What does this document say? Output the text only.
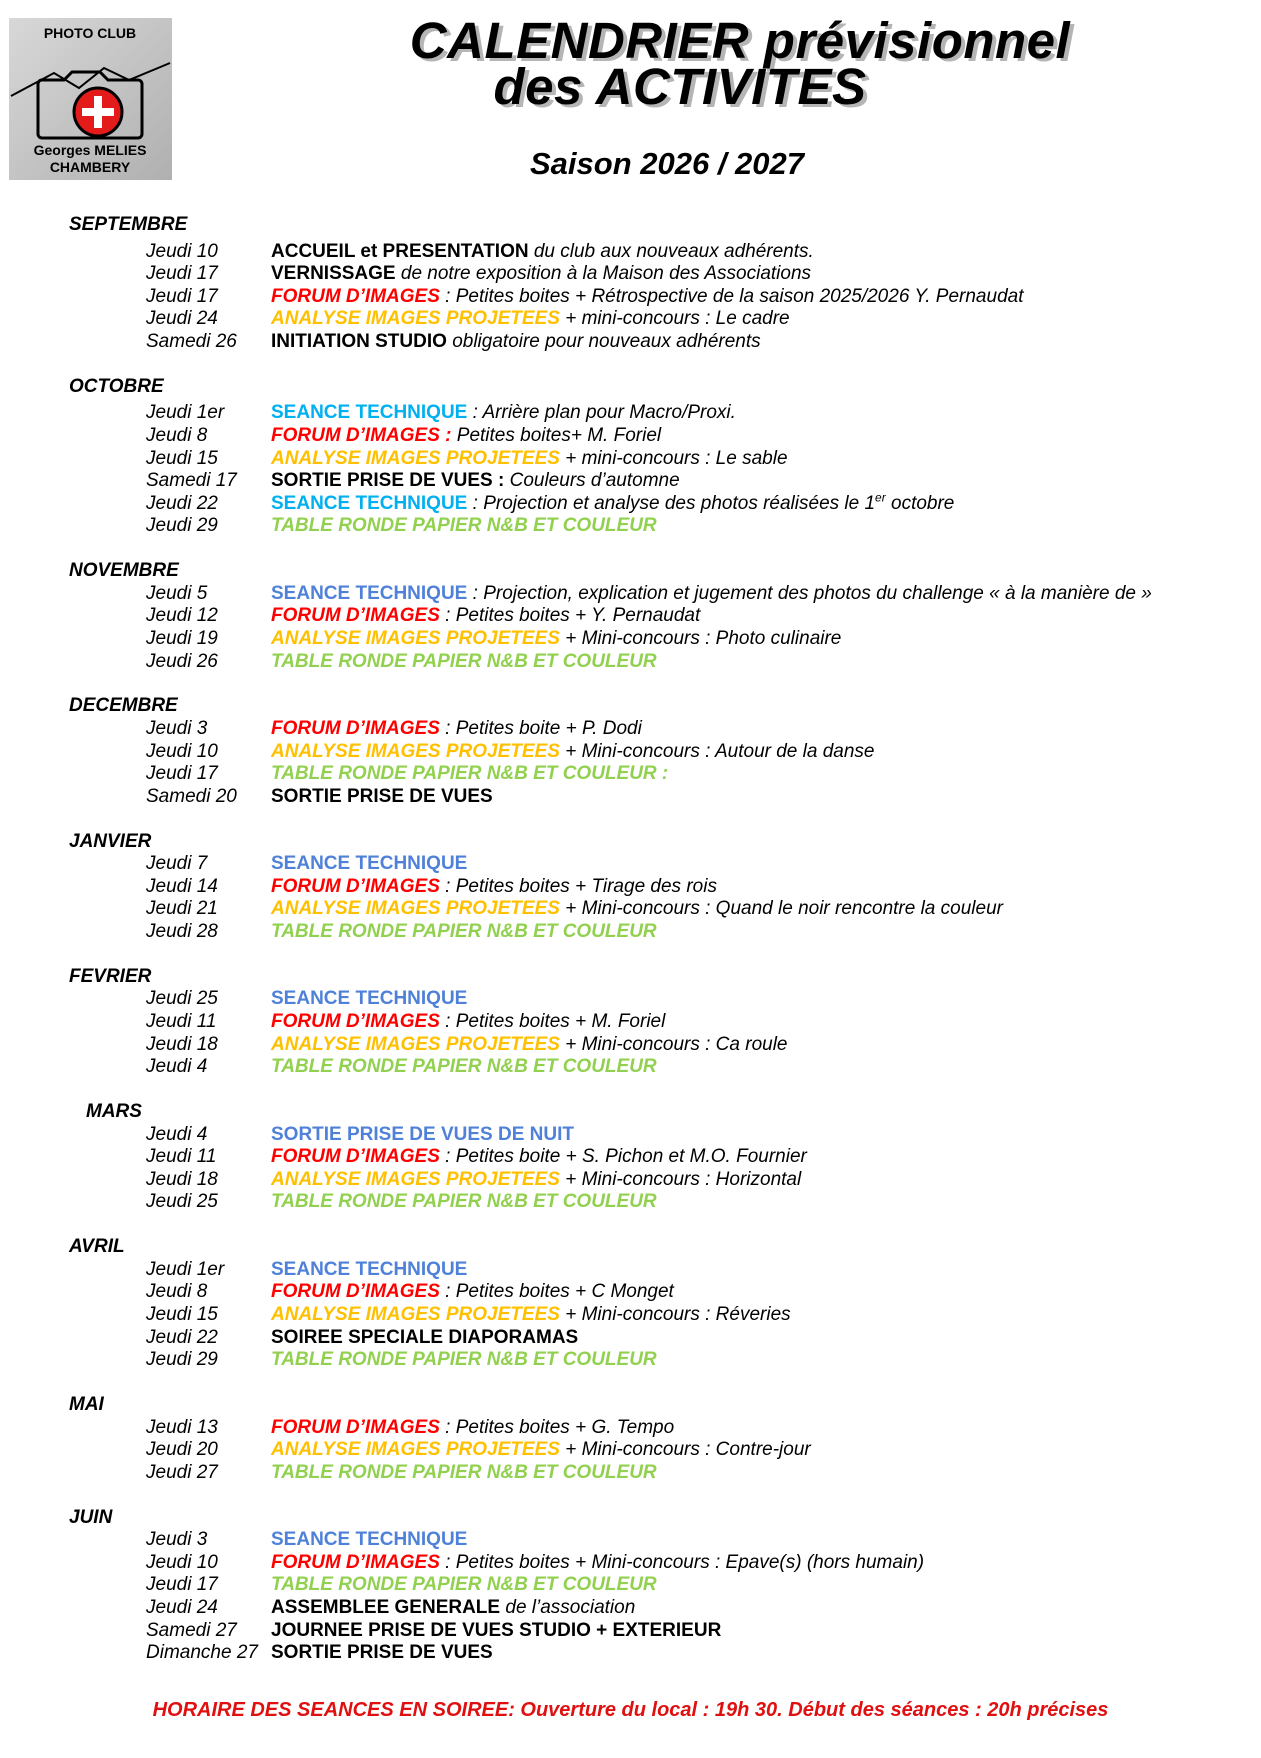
PHOTO CLUB
Georges MELIES
CHAMBERY
CALENDRIER prévisionnel
des ACTIVITES
Saison 2026 / 2027
SEPTEMBRE
Jeudi 10	ACCUEIL et PRESENTATION du club aux nouveaux adhérents.
Jeudi 17	VERNISSAGE de notre exposition à la Maison des Associations
Jeudi 17	FORUM D’IMAGES : Petites boites + Rétrospective de la saison 2025/2026 Y. Pernaudat
Jeudi 24	ANALYSE IMAGES PROJETEES + mini-concours : Le cadre
Samedi 26 INITIATION STUDIO obligatoire pour nouveaux adhérents
OCTOBRE
Jeudi 1er SEANCE TECHNIQUE : Arrière plan pour Macro/Proxi.
Jeudi 8	FORUM D’IMAGES : Petites boites+ M. Foriel
Jeudi 15	ANALYSE IMAGES PROJETEES + mini-concours : Le sable
Samedi 17 SORTIE PRISE DE VUES : Couleurs d’automne
Jeudi 22	SEANCE TECHNIQUE : Projection et analyse des photos réalisées le 1er octobre
Jeudi 29	TABLE RONDE PAPIER N&B ET COULEUR
NOVEMBRE
Jeudi 5	SEANCE TECHNIQUE : Projection, explication et jugement des photos du challenge « à la manière de »
Jeudi 12	FORUM D’IMAGES : Petites boites + Y. Pernaudat
Jeudi 19	ANALYSE IMAGES PROJETEES + Mini-concours : Photo culinaire
Jeudi 26	TABLE RONDE PAPIER N&B ET COULEUR
DECEMBRE
Jeudi 3	FORUM D’IMAGES : Petites boite + P. Dodi
Jeudi 10	ANALYSE IMAGES PROJETEES + Mini-concours : Autour de la danse
Jeudi 17	TABLE RONDE PAPIER N&B ET COULEUR :
Samedi 20 SORTIE PRISE DE VUES
JANVIER
Jeudi 7	SEANCE TECHNIQUE
Jeudi 14	FORUM D’IMAGES : Petites boites + Tirage des rois
Jeudi 21	ANALYSE IMAGES PROJETEES + Mini-concours : Quand le noir rencontre la couleur
Jeudi 28	TABLE RONDE PAPIER N&B ET COULEUR
FEVRIER
Jeudi 25	SEANCE TECHNIQUE
Jeudi 11	FORUM D’IMAGES : Petites boites + M. Foriel
Jeudi 18	ANALYSE IMAGES PROJETEES + Mini-concours : Ca roule
Jeudi 4	TABLE RONDE PAPIER N&B ET COULEUR
MARS
Jeudi 4	SORTIE PRISE DE VUES DE NUIT
Jeudi 11	FORUM D’IMAGES : Petites boite + S. Pichon et M.O. Fournier
Jeudi 18	ANALYSE IMAGES PROJETEES + Mini-concours : Horizontal
Jeudi 25	TABLE RONDE PAPIER N&B ET COULEUR
AVRIL
Jeudi 1er SEANCE TECHNIQUE
Jeudi 8	FORUM D’IMAGES : Petites boites + C Monget
Jeudi 15	ANALYSE IMAGES PROJETEES + Mini-concours : Réveries
Jeudi 22	SOIREE SPECIALE DIAPORAMAS
Jeudi 29	TABLE RONDE PAPIER N&B ET COULEUR
MAI
Jeudi 13	FORUM D’IMAGES : Petites boites + G. Tempo
Jeudi 20	ANALYSE IMAGES PROJETEES + Mini-concours : Contre-jour
Jeudi 27	TABLE RONDE PAPIER N&B ET COULEUR
JUIN
Jeudi 3	SEANCE TECHNIQUE
Jeudi 10	FORUM D’IMAGES : Petites boites + Mini-concours : Epave(s) (hors humain)
Jeudi 17	TABLE RONDE PAPIER N&B ET COULEUR
Jeudi 24	ASSEMBLEE GENERALE de l’association
Samedi 27 JOURNEE PRISE DE VUES STUDIO + EXTERIEUR
Dimanche 27 SORTIE PRISE DE VUES
HORAIRE DES SEANCES EN SOIREE: Ouverture du local : 19h 30. Début des séances : 20h précises
